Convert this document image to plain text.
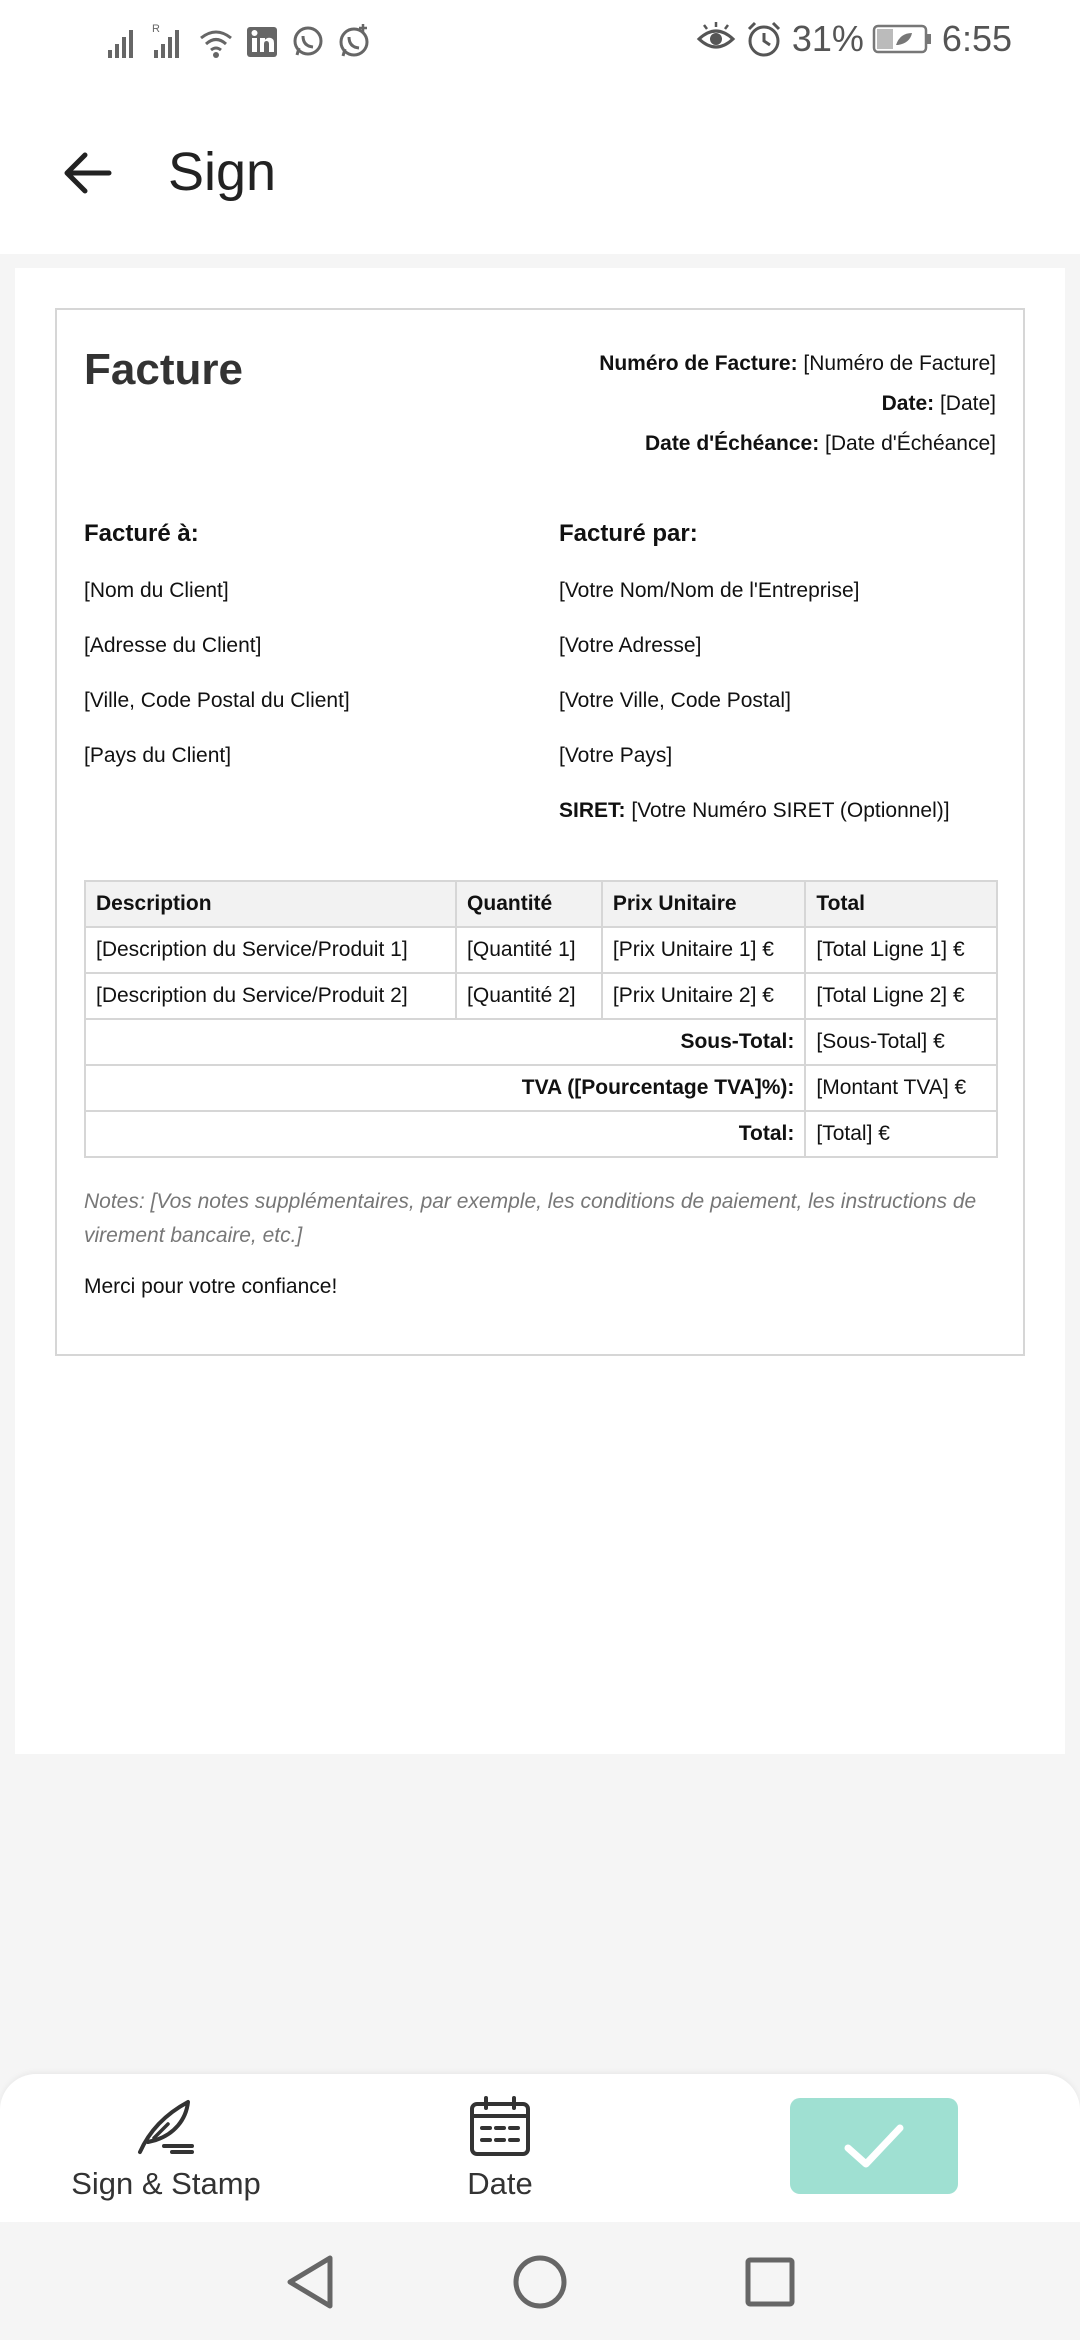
R	31% 6:55
Sign
Facture	Numéro de Facture: [Numéro de Facture]
Date: [Date]
Date d'Échéance: [Date d'Échéance]
Facturé à:
[Nom du Client]
[Adresse du Client]
[Ville, Code Postal du Client]
[Pays du Client]
Facturé par:
[Votre Nom/Nom de l'Entreprise]
[Votre Adresse]
[Votre Ville, Code Postal]
[Votre Pays]
SIRET: [Votre Numéro SIRET (Optionnel)]
Description	Quantité	Prix Unitaire	Total
[Description du Service/Produit 1]	[Quantité 1]	[Prix Unitaire 1] €	[Total Ligne 1] €
[Description du Service/Produit 2]	[Quantité 2]	[Prix Unitaire 2] €	[Total Ligne 2] €
Sous-Total:			[Sous-Total] €
TVA ([Pourcentage TVA]%):			[Montant TVA] €
Total:			[Total] €
Notes: [Vos notes supplémentaires, par exemple, les conditions de paiement, les instructions de virement bancaire, etc.]
Merci pour votre confiance!
Sign & Stamp	Date
